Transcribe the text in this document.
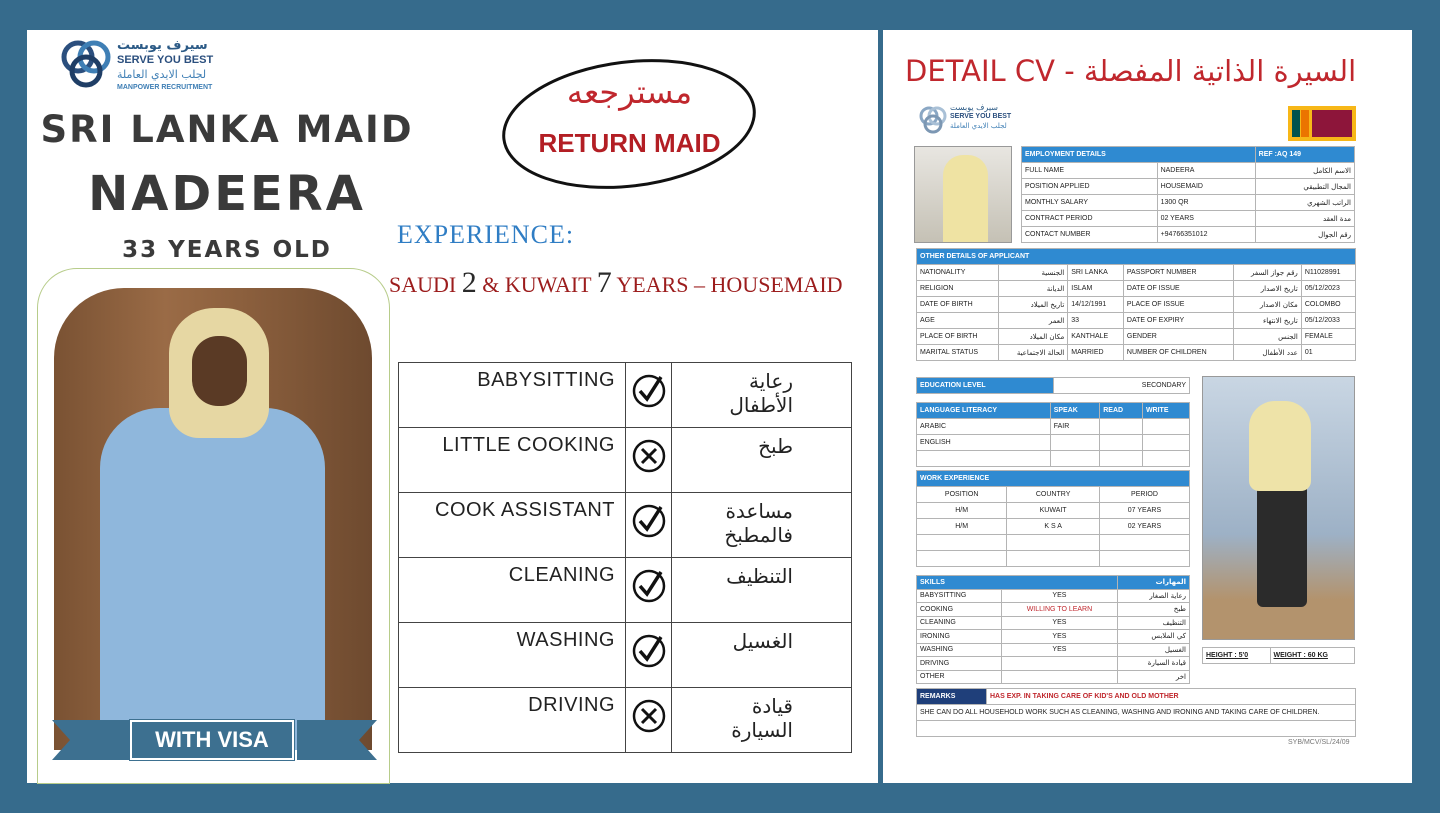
سيرف يوبست
SERVE YOU BEST
لجلب الايدي العاملة
MANPOWER RECRUITMENT
SRI LANKA MAID
NADEERA
33 YEARS OLD
WITH VISA
مسترجعه
RETURN MAID
EXPERIENCE:
SAUDI 2 & KUWAIT 7 YEARS – HOUSEMAID
BABYSITTING		رعاية الأطفال
LITTLE COOKING		طبخ
COOK ASSISTANT		مساعدة فالمطبخ
CLEANING		التنظيف
WASHING		الغسيل
DRIVING		قيادة السيارة
DETAIL CV - السيرة الذاتية المفصلة
سيرف يوبست
SERVE YOU BEST
لجلب الايدي العاملة
EMPLOYMENT DETAILS		REF :AQ 149
FULL NAME	NADEERA	الاسم الكامل
POSITION APPLIED	HOUSEMAID	المجال التطبيقي
MONTHLY SALARY	1300 QR	الراتب الشهري
CONTRACT PERIOD	02 YEARS	مدة العقد
CONTACT NUMBER	+94766351012	رقم الجوال
OTHER DETAILS OF APPLICANT					
NATIONALITY	الجنسية	SRI LANKA	PASSPORT NUMBER	رقم جواز السفر	N11028991
RELIGION	الديانة	ISLAM	DATE OF ISSUE	تاريخ الاصدار	05/12/2023
DATE OF BIRTH	تاريخ الميلاد	14/12/1991	PLACE OF ISSUE	مكان الاصدار	COLOMBO
AGE	العمر	33	DATE OF EXPIRY	تاريخ الانتهاء	05/12/2033
PLACE OF BIRTH	مكان الميلاد	KANTHALE	GENDER	الجنس	FEMALE
MARITAL STATUS	الحالة الاجتماعية	MARRIED	NUMBER OF CHILDREN	عدد الأطفال	01
EDUCATION LEVEL	SECONDARY
LANGUAGE LITERACY	SPEAK	READ	WRITE
ARABIC	FAIR		
ENGLISH			

WORK EXPERIENCE		
POSITION	COUNTRY	PERIOD
H/M	KUWAIT	07 YEARS
H/M	K S A	02 YEARS

SKILLS		المهارات
BABYSITTING	YES	رعاية الصغار
COOKING	WILLING TO LEARN	طبخ
CLEANING	YES	التنظيف
IRONING	YES	كي الملابس
WASHING	YES	الغسيل
DRIVING		قيادة السيارة
OTHER		اخر
HEIGHT : 5'0	WEIGHT : 60 KG
REMARKS	HAS EXP. IN TAKING CARE OF KID'S AND OLD MOTHER
SHE CAN DO ALL HOUSEHOLD WORK SUCH AS CLEANING, WASHING AND IRONING AND TAKING CARE OF CHILDREN.

SYB/MCV/SL/24/09
